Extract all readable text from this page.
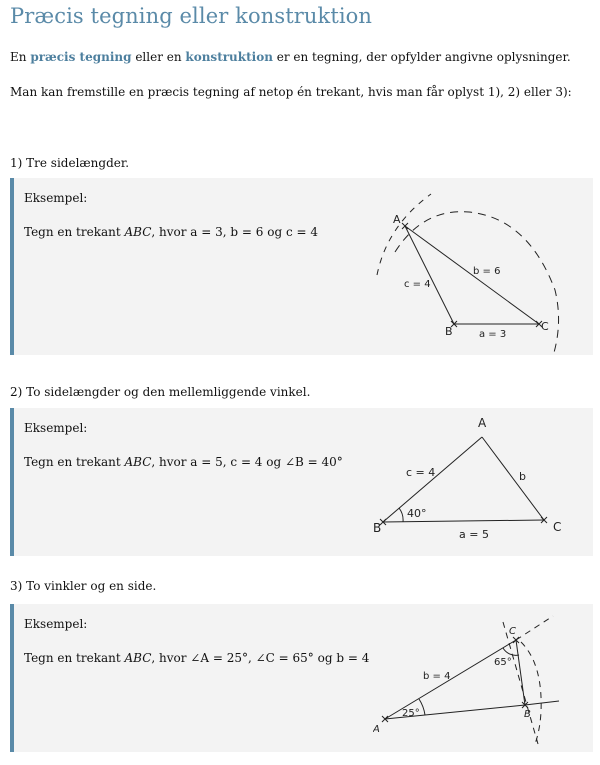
Præcis tegning eller konstruktion

En præcis tegning eller en konstruktion er en tegning, der opfylder angivne oplysninger.

Man kan fremstille en præcis tegning af netop én trekant, hvis man får oplyst 1), 2) eller 3):

1) Tre sidelængder.

Eksempel:

Tegn en trekant ABC, hvor a = 3, b = 6 og c = 4

A
B	C
c = 4
b = 6
a = 3

2) To sidelængder og den mellemliggende vinkel.

Eksempel:

Tegn en trekant ABC, hvor a = 5, c = 4 og ∠B = 40°

A
B	C
c = 4	b
a = 5
40°

3) To vinkler og en side.

Eksempel:

Tegn en trekant ABC, hvor ∠A = 25°, ∠C = 65° og b = 4

A
B
C
b = 4
25°
65°
